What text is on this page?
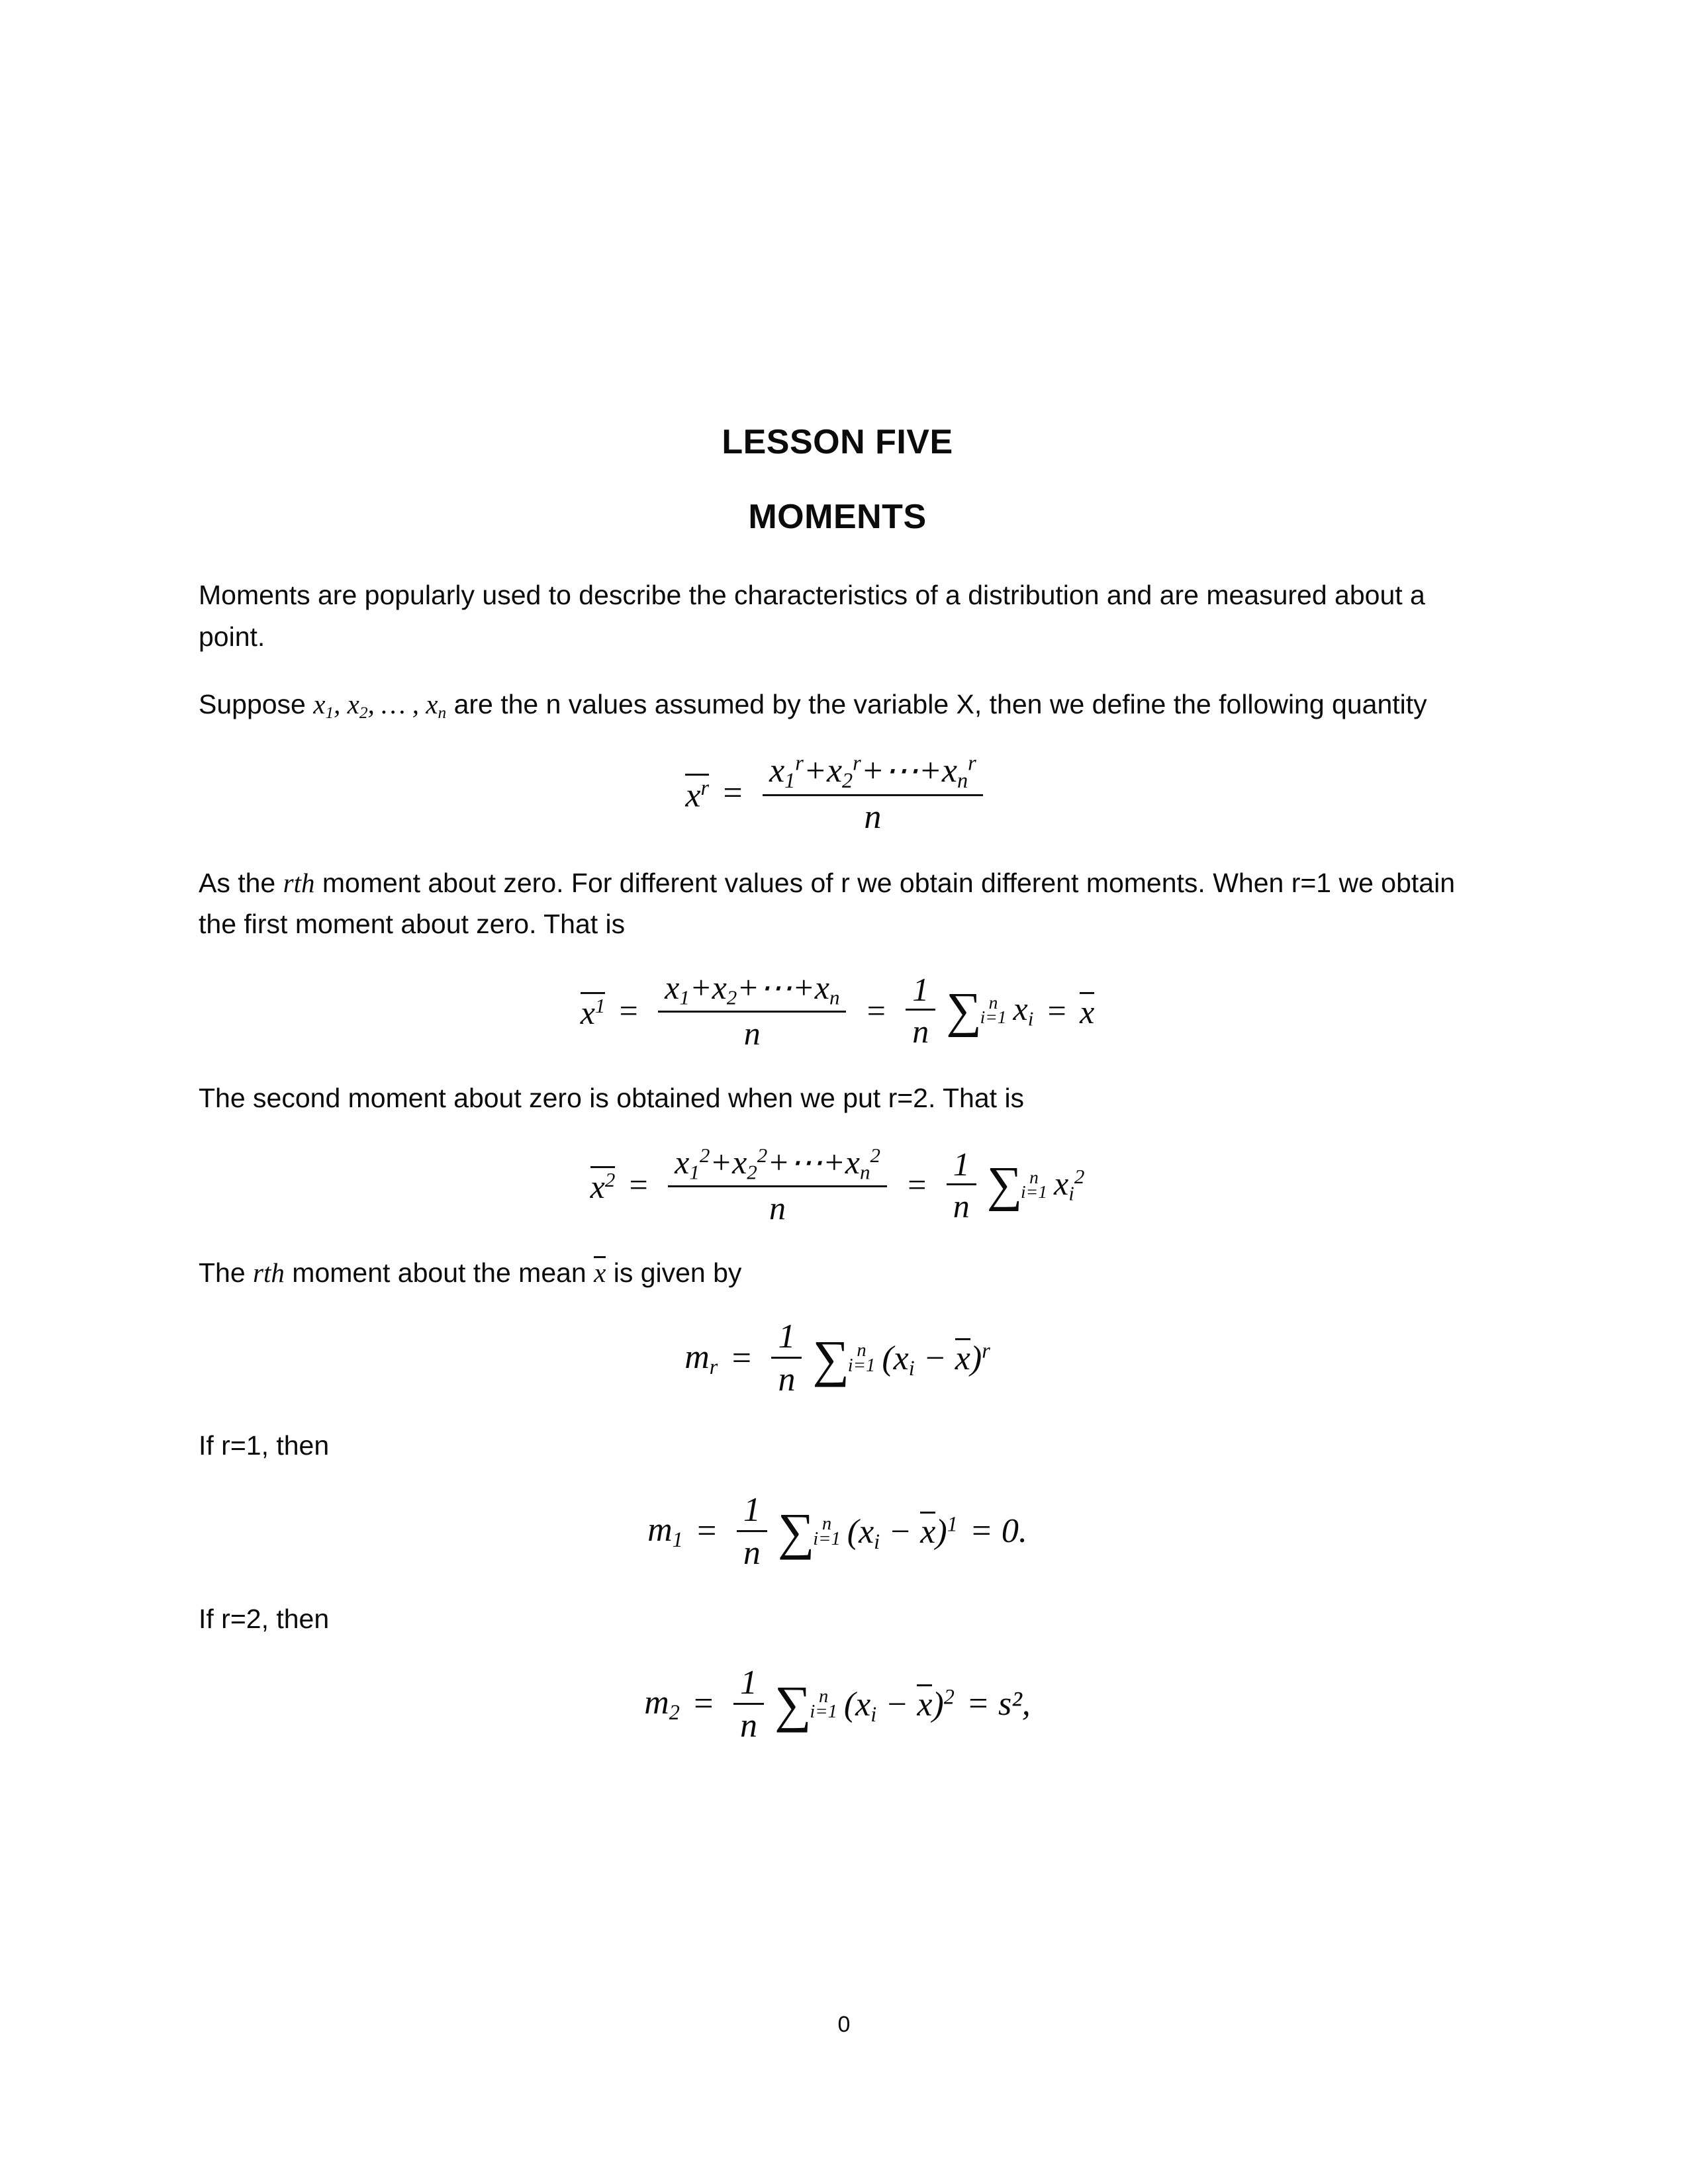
LESSON FIVE
MOMENTS

Moments are popularly used to describe the characteristics of a distribution and are measured about a point.

Suppose $x_1$, $x_2$, … , $x_n$ are the n values assumed by the variable X, then we define the following quantity

$x^r = \frac{x_1^r+x_2^r+\cdots+x_n^r}{n}$

As the rth moment about zero. For different values of r we obtain different moments. When r=1 we obtain the first moment about zero. That is

$x^1 = \frac{x_1+x_2+\cdots+x_n}{n} = \frac{1}{n}$ ∑ n
i=1 $x_i = x$

The second moment about zero is obtained when we put r=2. That is

$x^2 = \frac{x_1^2+x_2^2+\cdots+x_n^2}{n} = \frac{1}{n}$ ∑ n
i=1 $x_i^2$

The rth moment about the mean x is given by

$m_r = \frac{1}{n}$ ∑ n
i=1 $(x_i - x)^r$

If r=1, then

$m_1 = \frac{1}{n}$ ∑ n
i=1 $(x_i - x)^1 = 0$.

If r=2, then

$m_2 = \frac{1}{n}$ ∑ n
i=1 $(x_i - x)^2 = s^2$,
0
